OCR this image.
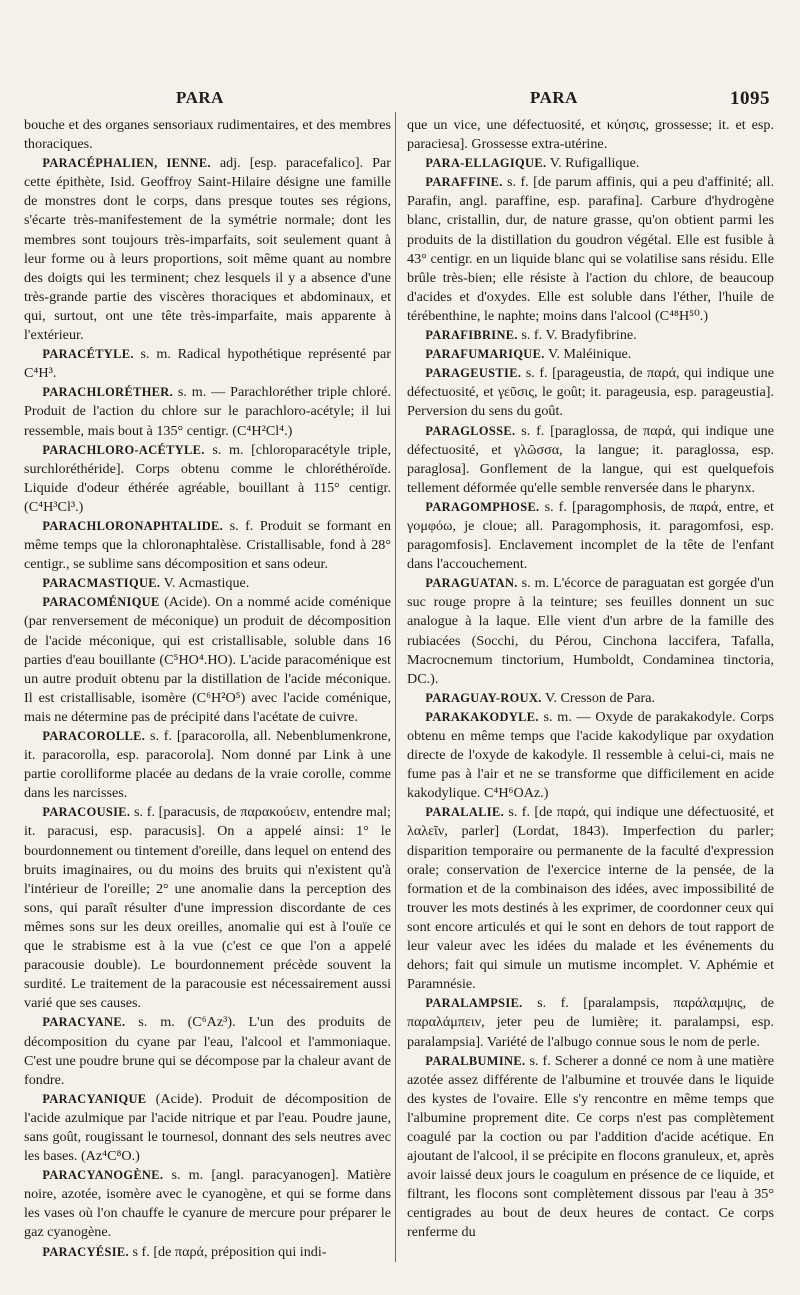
PARA	PARA	1095

bouche et des organes sensoriaux rudimentaires, et des membres thoraciques.

PARACÉPHALIEN, IENNE. adj. [esp. paracefalico]. Par cette épithète, Isid. Geoffroy Saint-Hilaire désigne une famille de monstres dont le corps, dans presque toutes ses régions, s'écarte très-manifestement de la symétrie normale; dont les membres sont toujours très-imparfaits, soit seulement quant à leur forme ou à leurs proportions, soit même quant au nombre des doigts qui les terminent; chez lesquels il y a absence d'une très-grande partie des viscères thoraciques et abdominaux, et qui, surtout, ont une tête très-imparfaite, mais apparente à l'extérieur.

PARACÉTYLE. s. m. Radical hypothétique représenté par C⁴H³.

PARACHLORÉTHER. s. m. — Parachloréther triple chloré. Produit de l'action du chlore sur le parachloro-acétyle; il lui ressemble, mais bout à 135° centigr. (C⁴H²Cl⁴.)

PARACHLORO-ACÉTYLE. s. m. [chloroparacétyle triple, surchloréthéride]. Corps obtenu comme le chloréthéroïde. Liquide d'odeur éthérée agréable, bouillant à 115° centigr. (C⁴H³Cl³.)

PARACHLORONAPHTALIDE. s. f. Produit se formant en même temps que la chloronaphtalèse. Cristallisable, fond à 28° centigr., se sublime sans décomposition et sans odeur.

PARACMASTIQUE. V. Acmastique.

PARACOMÉNIQUE (Acide). On a nommé acide coménique (par renversement de méconique) un produit de décomposition de l'acide méconique, qui est cristallisable, soluble dans 16 parties d'eau bouillante (C⁵HO⁴.HO). L'acide paracoménique est un autre produit obtenu par la distillation de l'acide méconique. Il est cristallisable, isomère (C⁶H²O⁵) avec l'acide coménique, mais ne détermine pas de précipité dans l'acétate de cuivre.

PARACOROLLE. s. f. [paracorolla, all. Nebenblumenkrone, it. paracorolla, esp. paracorola]. Nom donné par Link à une partie corolliforme placée au dedans de la vraie corolle, comme dans les narcisses.

PARACOUSIE. s. f. [paracusis, de παρακούειν, entendre mal; it. paracusi, esp. paracusis]. On a appelé ainsi: 1° le bourdonnement ou tintement d'oreille, dans lequel on entend des bruits imaginaires, ou du moins des bruits qui n'existent qu'à l'intérieur de l'oreille; 2° une anomalie dans la perception des sons, qui paraît résulter d'une impression discordante de ces mêmes sons sur les deux oreilles, anomalie qui est à l'ouïe ce que le strabisme est à la vue (c'est ce que l'on a appelé paracousie double). Le bourdonnement précède souvent la surdité. Le traitement de la paracousie est nécessairement aussi varié que ses causes.

PARACYANE. s. m. (C⁶Az³). L'un des produits de décomposition du cyane par l'eau, l'alcool et l'ammoniaque. C'est une poudre brune qui se décompose par la chaleur avant de fondre.

PARACYANIQUE (Acide). Produit de décomposition de l'acide azulmique par l'acide nitrique et par l'eau. Poudre jaune, sans goût, rougissant le tournesol, donnant des sels neutres avec les bases. (Az⁴C⁸O.)

PARACYANOGÈNE. s. m. [angl. paracyanogen]. Matière noire, azotée, isomère avec le cyanogène, et qui se forme dans les vases où l'on chauffe le cyanure de mercure pour préparer le gaz cyanogène.

PARACYÉSIE. s f. [de παρά, préposition qui indi-

que un vice, une défectuosité, et κύησις, grossesse; it. et esp. paraciesa]. Grossesse extra-utérine.

PARA-ELLAGIQUE. V. Rufigallique.

PARAFFINE. s. f. [de parum affinis, qui a peu d'affinité; all. Parafin, angl. paraffine, esp. parafina]. Carbure d'hydrogène blanc, cristallin, dur, de nature grasse, qu'on obtient parmi les produits de la distillation du goudron végétal. Elle est fusible à 43° centigr. en un liquide blanc qui se volatilise sans résidu. Elle brûle très-bien; elle résiste à l'action du chlore, de beaucoup d'acides et d'oxydes. Elle est soluble dans l'éther, l'huile de térébenthine, le naphte; moins dans l'alcool (C⁴⁸H⁵⁰.)

PARAFIBRINE. s. f. V. Bradyfibrine.

PARAFUMARIQUE. V. Maléinique.

PARAGEUSTIE. s. f. [parageustia, de παρά, qui indique une défectuosité, et γεῦσις, le goût; it. parageusia, esp. parageustia]. Perversion du sens du goût.

PARAGLOSSE. s. f. [paraglossa, de παρά, qui indique une défectuosité, et γλῶσσα, la langue; it. paraglossa, esp. paraglosa]. Gonflement de la langue, qui est quelquefois tellement déformée qu'elle semble renversée dans le pharynx.

PARAGOMPHOSE. s. f. [paragomphosis, de παρά, entre, et γομφόω, je cloue; all. Paragomphosis, it. paragomfosi, esp. paragomfosis]. Enclavement incomplet de la tête de l'enfant dans l'accouchement.

PARAGUATAN. s. m. L'écorce de paraguatan est gorgée d'un suc rouge propre à la teinture; ses feuilles donnent un suc analogue à la laque. Elle vient d'un arbre de la famille des rubiacées (Socchi, du Pérou, Cinchona laccifera, Tafalla, Macrocnemum tinctorium, Humboldt, Condaminea tinctoria, DC.).

PARAGUAY-ROUX. V. Cresson de Para.

PARAKAKODYLE. s. m. — Oxyde de parakakodyle. Corps obtenu en même temps que l'acide kakodylique par oxydation directe de l'oxyde de kakodyle. Il ressemble à celui-ci, mais ne fume pas à l'air et ne se transforme que difficilement en acide kakodylique. C⁴H⁶OAz.)

PARALALIE. s. f. [de παρά, qui indique une défectuosité, et λαλεῖν, parler] (Lordat, 1843). Imperfection du parler; disparition temporaire ou permanente de la faculté d'expression orale; conservation de l'exercice interne de la pensée, de la formation et de la combinaison des idées, avec impossibilité de trouver les mots destinés à les exprimer, de coordonner ceux qui sont encore articulés et qui le sont en dehors de tout rapport de leur valeur avec les idées du malade et les événements du dehors; fait qui simule un mutisme incomplet. V. Aphémie et Paramnésie.

PARALAMPSIE. s. f. [paralampsis, παράλαμψις, de παραλάμπειν, jeter peu de lumière; it. paralampsi, esp. paralampsia]. Variété de l'albugo connue sous le nom de perle.

PARALBUMINE. s. f. Scherer a donné ce nom à une matière azotée assez différente de l'albumine et trouvée dans le liquide des kystes de l'ovaire. Elle s'y rencontre en même temps que l'albumine proprement dite. Ce corps n'est pas complètement coagulé par la coction ou par l'addition d'acide acétique. En ajoutant de l'alcool, il se précipite en flocons granuleux, et, après avoir laissé deux jours le coagulum en présence de ce liquide, et filtrant, les flocons sont complètement dissous par l'eau à 35° centigrades au bout de deux heures de contact. Ce corps renferme du
